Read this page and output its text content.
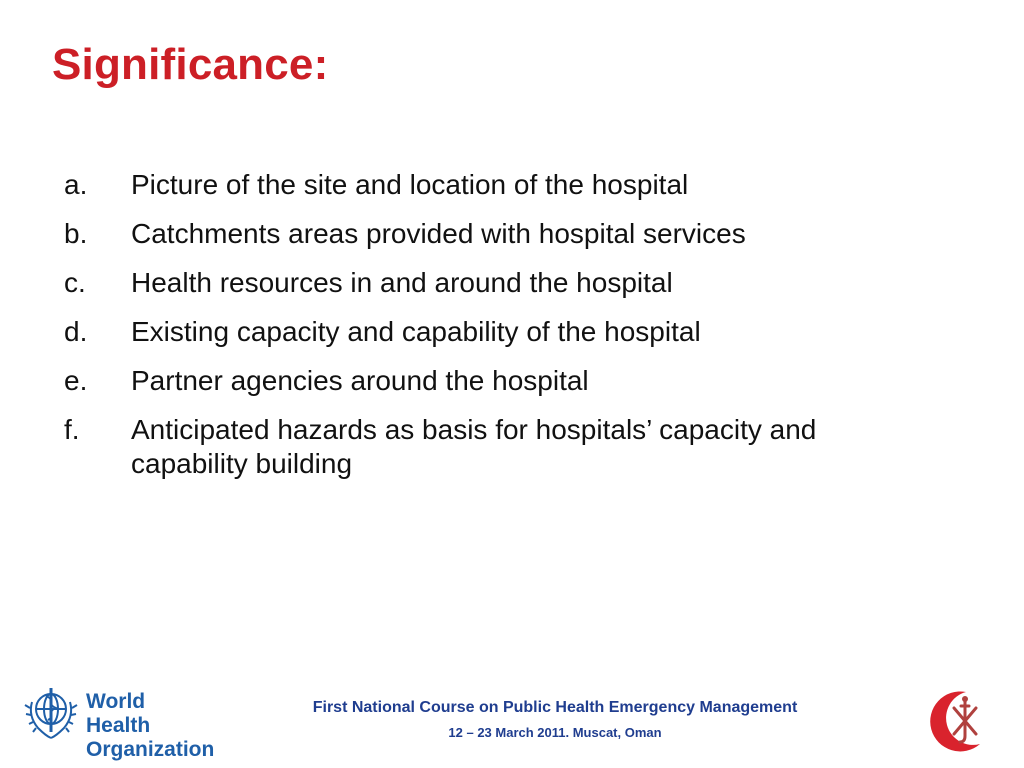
Significance:
a.	Picture of the site and location of the hospital
b.	Catchments areas provided with hospital services
c.	Health resources in and around the hospital
d.	Existing capacity and capability of the hospital
e.	Partner agencies around the hospital
f.	Anticipated hazards as basis for hospitals’ capacity and capability building
World Health
Organization
First National Course on Public Health Emergency Management
12 – 23 March 2011. Muscat, Oman
